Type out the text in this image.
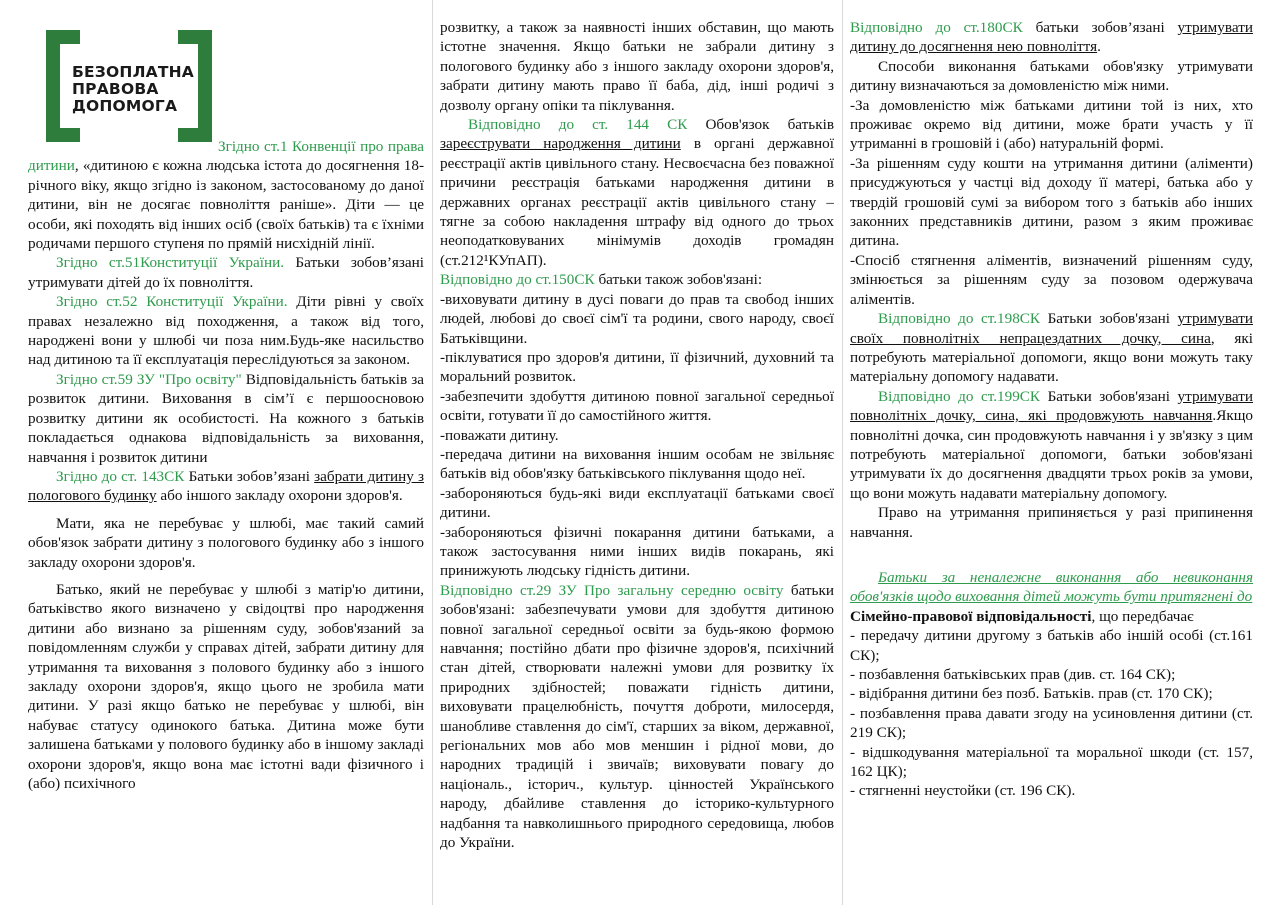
БЕЗОПЛАТНА
ПРАВОВА
ДОПОМОГА

Згідно ст.1 Конвенції про права дитини, «дитиною є кожна людська істота до досягнення 18-річного віку, якщо згідно із законом, застосованому до даної дитини, він не досягає повноліття раніше». Діти — це особи, які походять від інших осіб (своїх батьків) та є їхніми родичами першого ступеня по прямій нисхідній лінії.

Згідно ст.51Конституції України. Батьки зобов’язані утримувати дітей до їх повноліття.

Згідно ст.52 Конституції України. Діти рівні у своїх правах незалежно від походження, а також від того, народжені вони у шлюбі чи поза ним.Будь-яке насильство над дитиною та її експлуатація переслідуються за законом.

Згідно ст.59 ЗУ "Про освіту" Відповідальність батьків за розвиток дитини. Виховання в сім’ї є першоосновою розвитку дитини як особистості. На кожного з батьків покладається однакова відповідальність за виховання, навчання і розвиток дитини

Згідно до ст. 143СК Батьки зобов’язані забрати дитину з пологового будинку або іншого закладу охорони здоров'я.

Мати, яка не перебуває у шлюбі, має такий самий обов'язок забрати дитину з пологового будинку або з іншого закладу охорони здоров'я.

Батько, який не перебуває у шлюбі з матір'ю дитини, батьківство якого визначено у свідоцтві про народження дитини або визнано за рішенням суду, зобов'язаний за повідомленням служби у справах дітей, забрати дитину для утримання та виховання з полового будинку або з іншого закладу охорони здоров'я, якщо цього не зробила мати дитини. У разі якщо батько не перебуває у шлюбі, він набуває статусу одинокого батька. Дитина може бути залишена батьками у полового будинку або в іншому закладі охорони здоров'я, якщо вона має істотні вади фізичного і (або) психічного

розвитку, а також за наявності інших обставин, що мають істотне значення. Якщо батьки не забрали дитину з пологового будинку або з іншого закладу охорони здоров'я, забрати дитину мають право її баба, дід, інші родичі з дозволу органу опіки та піклування.

Відповідно до ст. 144 СК Обов'язок батьків зареєструвати народження дитини в органі державної реєстрації актів цивільного стану. Несвоєчасна без поважної причини реєстрація батьками народження дитини в державних органах реєстрації актів цивільного стану – тягне за собою накладення штрафу від одного до трьох неоподатковуваних мінімумів доходів громадян (ст.212¹КУпАП).

Відповідно до ст.150СК батьки також зобов'язані:

-виховувати дитину в дусі поваги до прав та свобод інших людей, любові до своєї сім'ї та родини, свого народу, своєї Батьківщини.

-піклуватися про здоров'я дитини, її фізичний, духовний та моральний розвиток.

-забезпечити здобуття дитиною повної загальної середньої освіти, готувати її до самостійного життя.

-поважати дитину.

-передача дитини на виховання іншим особам не звільняє батьків від обов'язку батьківського піклування щодо неї.

-забороняються будь-які види експлуатації батьками своєї дитини.

-забороняються фізичні покарання дитини батьками, а також застосування ними інших видів покарань, які принижують людську гідність дитини.

Відповідно ст.29 ЗУ Про загальну середню освіту батьки зобов'язані: забезпечувати умови для здобуття дитиною повної загальної середньої освіти за будь-якою формою навчання; постійно дбати про фізичне здоров'я, психічний стан дітей, створювати належні умови для розвитку їх природних здібностей; поважати гідність дитини, виховувати працелюбність, почуття доброти, милосердя, шанобливе ставлення до сім'ї, старших за віком, державної, регіональних мов або мов меншин і рідної мови, до народних традицій і звичаїв; виховувати повагу до національ., історич., культур. цінностей Українського народу, дбайливе ставлення до історико-культурного надбання та навколишнього природного середовища, любов до України.

Відповідно до ст.180СК батьки зобов’язані утримувати дитину до досягнення нею повноліття.

Способи виконання батьками обов'язку утримувати дитину визначаються за домовленістю між ними.

-За домовленістю між батьками дитини той із них, хто проживає окремо від дитини, може брати участь у її утриманні в грошовій і (або) натуральній формі.

-За рішенням суду кошти на утримання дитини (аліменти) присуджуються у частці від доходу її матері, батька або у твердій грошовій сумі за вибором того з батьків або інших законних представників дитини, разом з яким проживає дитина.

-Спосіб стягнення аліментів, визначений рішенням суду, змінюється за рішенням суду за позовом одержувача аліментів.

Відповідно до ст.198СК Батьки зобов'язані утримувати своїх повнолітніх непрацездатних дочку, сина, які потребують матеріальної допомоги, якщо вони можуть таку матеріальну допомогу надавати.

Відповідно до ст.199СК Батьки зобов'язані утримувати повнолітніх дочку, сина, які продовжують навчання.Якщо повнолітні дочка, син продовжують навчання і у зв'язку з цим потребують матеріальної допомоги, батьки зобов'язані утримувати їх до досягнення двадцяти трьох років за умови, що вони можуть надавати матеріальну допомогу.

Право на утримання припиняється у разі припинення навчання.

Батьки за неналежне виконання або невиконання обов'язків щодо виховання дітей можуть бути притягнені до

Сімейно-правової відповідальності, що передбачає

- передачу дитини другому з батьків або іншій особі (ст.161 СК);

- позбавлення батьківських прав (див. ст. 164 СК);

- відібрання дитини без позб. Батьків. прав (ст. 170 СК);

- позбавлення права давати згоду на усиновлення дитини (ст. 219 СК);

- відшкодування матеріальної та моральної шкоди (ст. 157, 162 ЦК);

- стягненні неустойки (ст. 196 СК).
